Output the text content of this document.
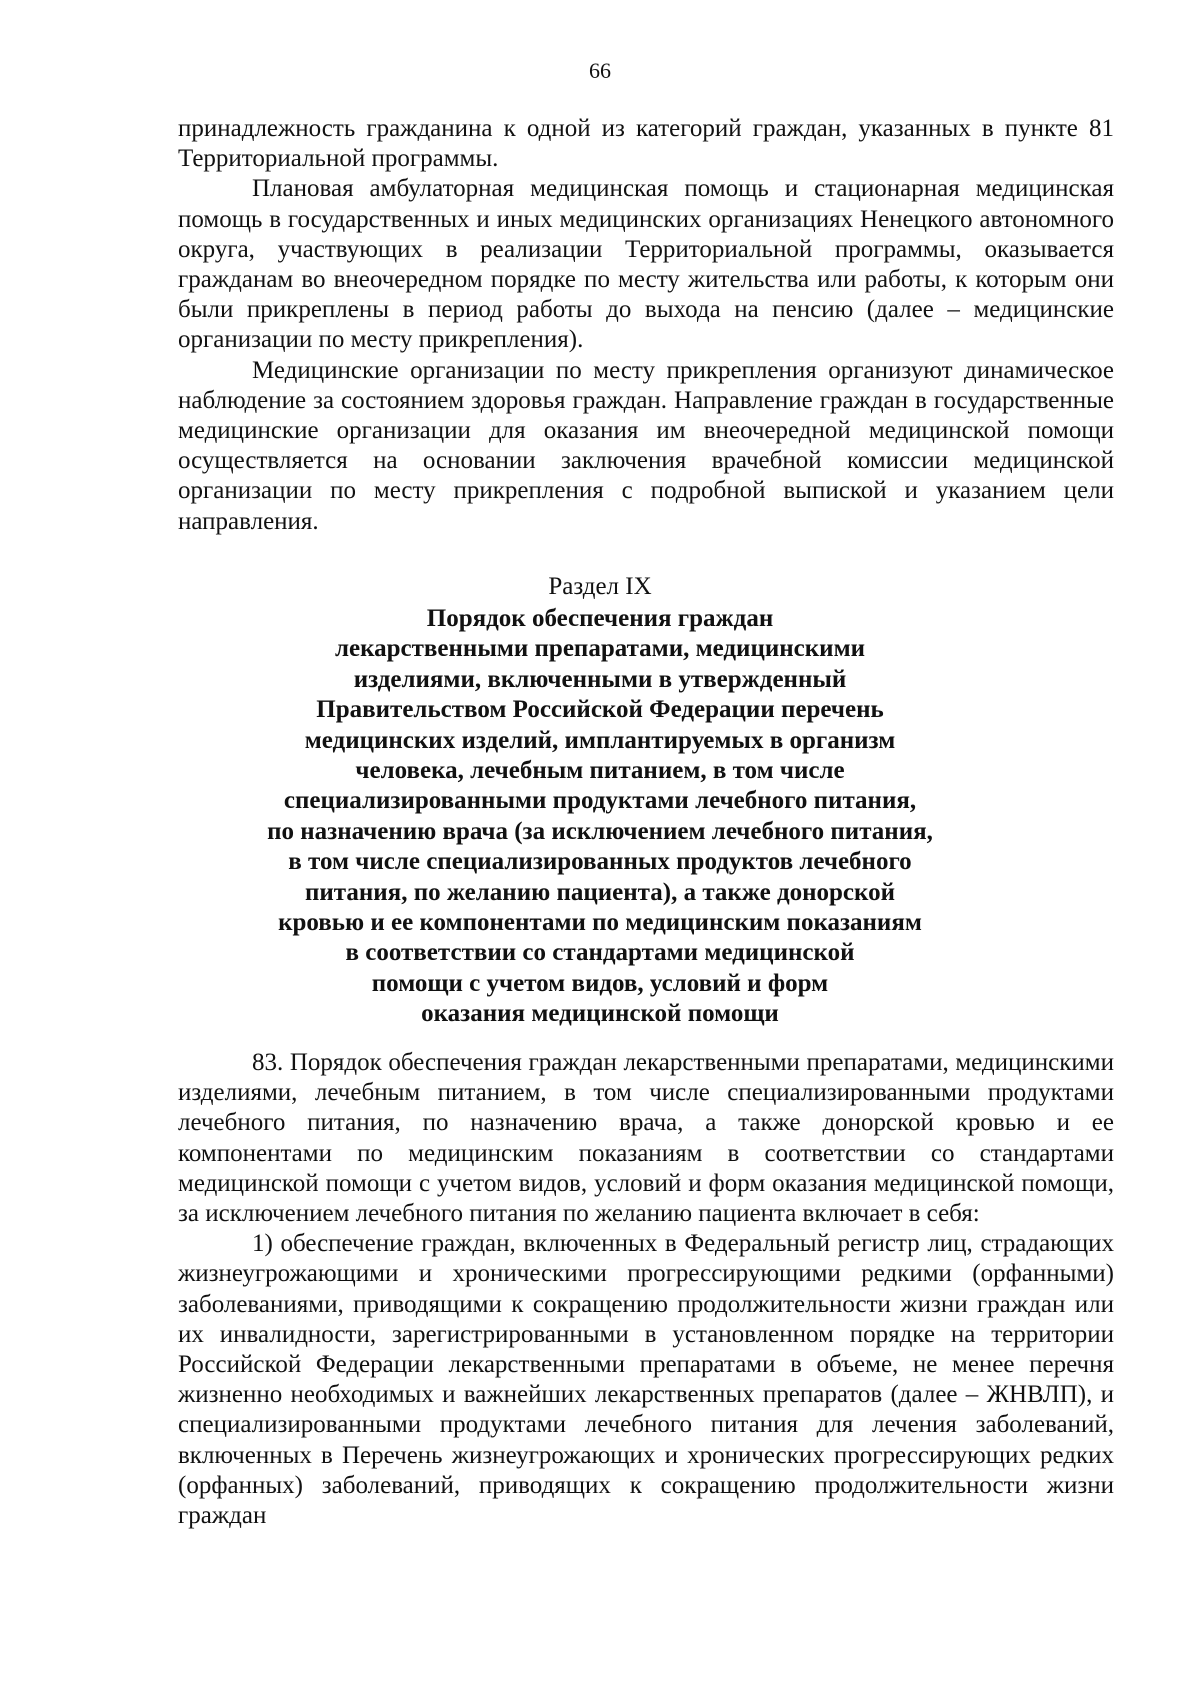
66

принадлежность гражданина к одной из категорий граждан, указанных в пункте 81 Территориальной программы.

Плановая амбулаторная медицинская помощь и стационарная медицинская помощь в государственных и иных медицинских организациях Ненецкого автономного округа, участвующих в реализации Территориальной программы, оказывается гражданам во внеочередном порядке по месту жительства или работы, к которым они были прикреплены в период работы до выхода на пенсию (далее – медицинские организации по месту прикрепления).

Медицинские организации по месту прикрепления организуют динамическое наблюдение за состоянием здоровья граждан. Направление граждан в государственные медицинские организации для оказания им внеочередной медицинской помощи осуществляется на основании заключения врачебной комиссии медицинской организации по месту прикрепления с подробной выпиской и указанием цели направления.

Раздел IX
Порядок обеспечения граждан
лекарственными препаратами, медицинскими
изделиями, включенными в утвержденный
Правительством Российской Федерации перечень
медицинских изделий, имплантируемых в организм
человека, лечебным питанием, в том числе
специализированными продуктами лечебного питания,
по назначению врача (за исключением лечебного питания,
в том числе специализированных продуктов лечебного
питания, по желанию пациента), а также донорской
кровью и ее компонентами по медицинским показаниям
в соответствии со стандартами медицинской
помощи с учетом видов, условий и форм
оказания медицинской помощи

83. Порядок обеспечения граждан лекарственными препаратами, медицинскими изделиями, лечебным питанием, в том числе специализированными продуктами лечебного питания, по назначению врача, а также донорской кровью и ее компонентами по медицинским показаниям в соответствии со стандартами медицинской помощи с учетом видов, условий и форм оказания медицинской помощи, за исключением лечебного питания по желанию пациента включает в себя:

1) обеспечение граждан, включенных в Федеральный регистр лиц, страдающих жизнеугрожающими и хроническими прогрессирующими редкими (орфанными) заболеваниями, приводящими к сокращению продолжительности жизни граждан или их инвалидности, зарегистрированными в установленном порядке на территории Российской Федерации лекарственными препаратами в объеме, не менее перечня жизненно необходимых и важнейших лекарственных препаратов (далее – ЖНВЛП), и специализированными продуктами лечебного питания для лечения заболеваний, включенных в Перечень жизнеугрожающих и хронических прогрессирующих редких (орфанных) заболеваний, приводящих к сокращению продолжительности жизни граждан
